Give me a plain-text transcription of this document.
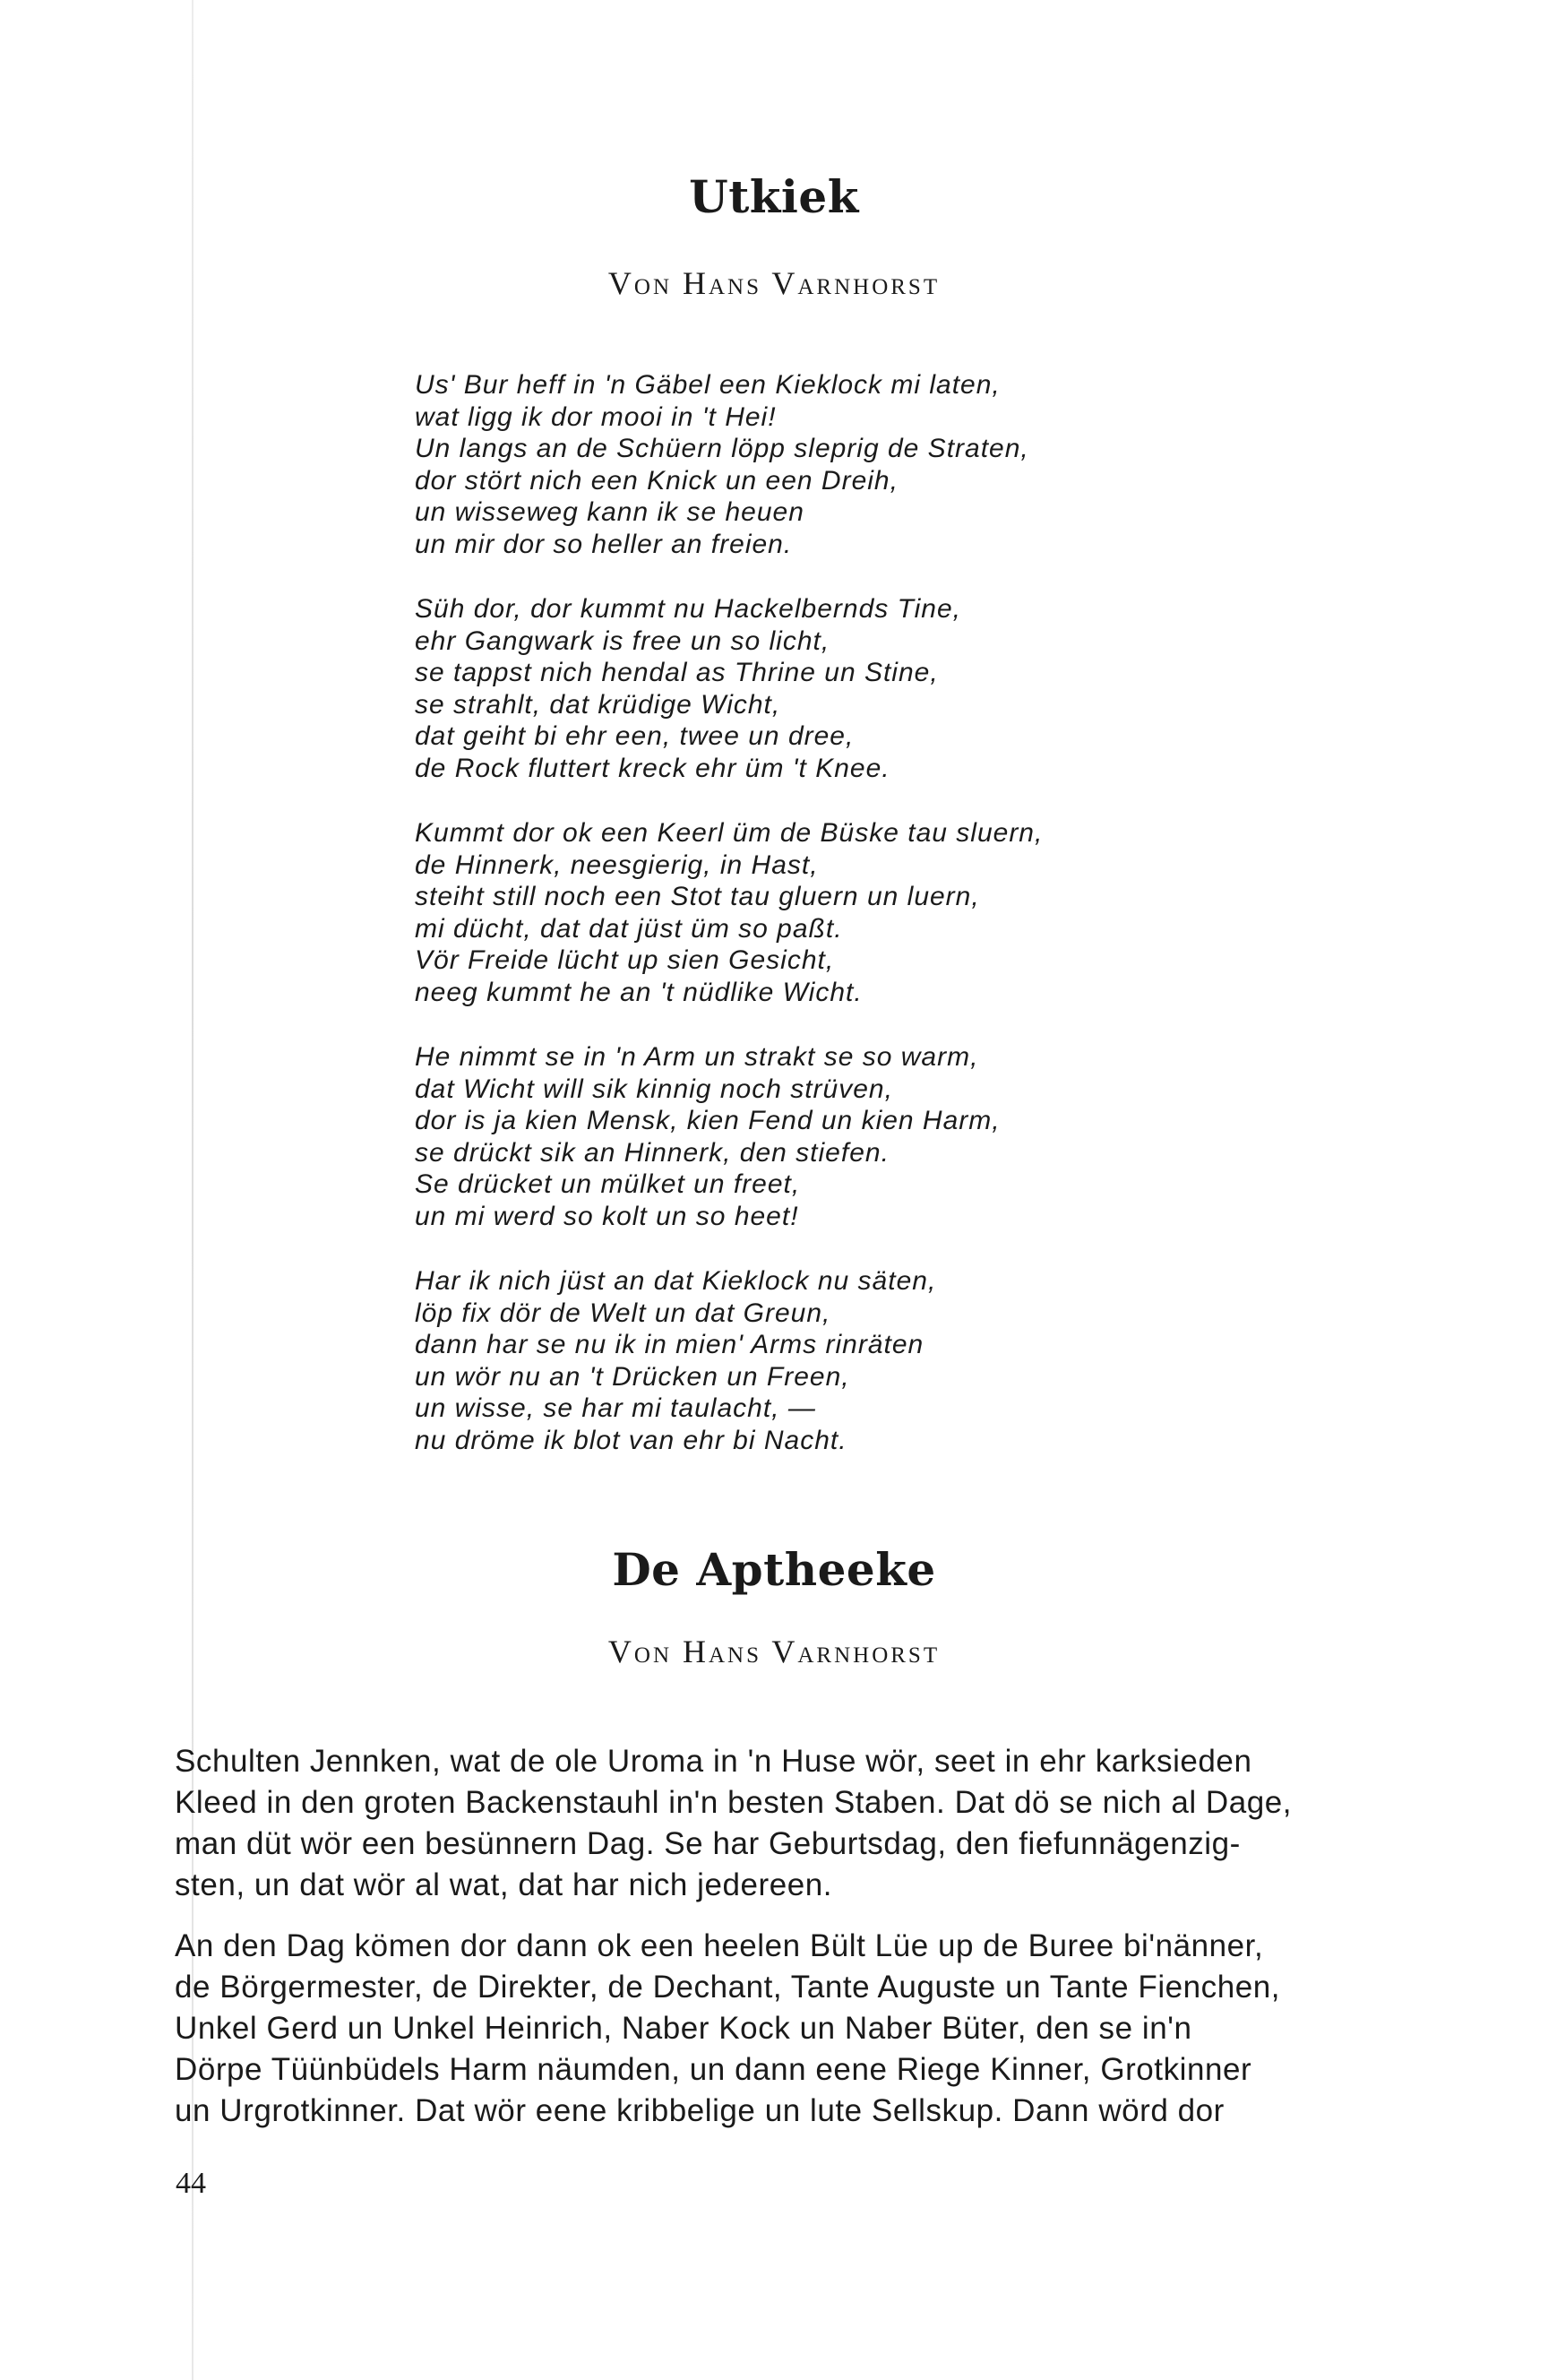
Utkiek

Von Hans Varnhorst

Us' Bur heff in 'n Gäbel een Kieklock mi laten,
wat ligg ik dor mooi in 't Hei!
Un langs an de Schüern löpp sleprig de Straten,
dor stört nich een Knick un een Dreih,
un wisseweg kann ik se heuen
un mir dor so heller an freien.
Süh dor, dor kummt nu Hackelbernds Tine,
ehr Gangwark is free un so licht,
se tappst nich hendal as Thrine un Stine,
se strahlt, dat krüdige Wicht,
dat geiht bi ehr een, twee un dree,
de Rock fluttert kreck ehr üm 't Knee.
Kummt dor ok een Keerl üm de Büske tau sluern,
de Hinnerk, neesgierig, in Hast,
steiht still noch een Stot tau gluern un luern,
mi dücht, dat dat jüst üm so paßt.
Vör Freide lücht up sien Gesicht,
neeg kummt he an 't nüdlike Wicht.
He nimmt se in 'n Arm un strakt se so warm,
dat Wicht will sik kinnig noch strüven,
dor is ja kien Mensk, kien Fend un kien Harm,
se drückt sik an Hinnerk, den stiefen.
Se drücket un mülket un freet,
un mi werd so kolt un so heet!
Har ik nich jüst an dat Kieklock nu säten,
löp fix dör de Welt un dat Greun,
dann har se nu ik in mien' Arms rinräten
un wör nu an 't Drücken un Freen,
un wisse, se har mi taulacht, —
nu dröme ik blot van ehr bi Nacht.
De Aptheeke

Von Hans Varnhorst

Schulten Jennken, wat de ole Uroma in 'n Huse wör, seet in ehr karksieden
Kleed in den groten Backenstauhl in'n besten Staben. Dat dö se nich al Dage,
man düt wör een besünnern Dag. Se har Geburtsdag, den fiefunnägenzig-
sten, un dat wör al wat, dat har nich jedereen.
An den Dag kömen dor dann ok een heelen Bült Lüe up de Buree bi'nänner,
de Börgermester, de Direkter, de Dechant, Tante Auguste un Tante Fienchen,
Unkel Gerd un Unkel Heinrich, Naber Kock un Naber Büter, den se in'n
Dörpe Tüünbüdels Harm näumden, un dann eene Riege Kinner, Grotkinner
un Urgrotkinner. Dat wör eene kribbelige un lute Sellskup. Dann wörd dor

44
